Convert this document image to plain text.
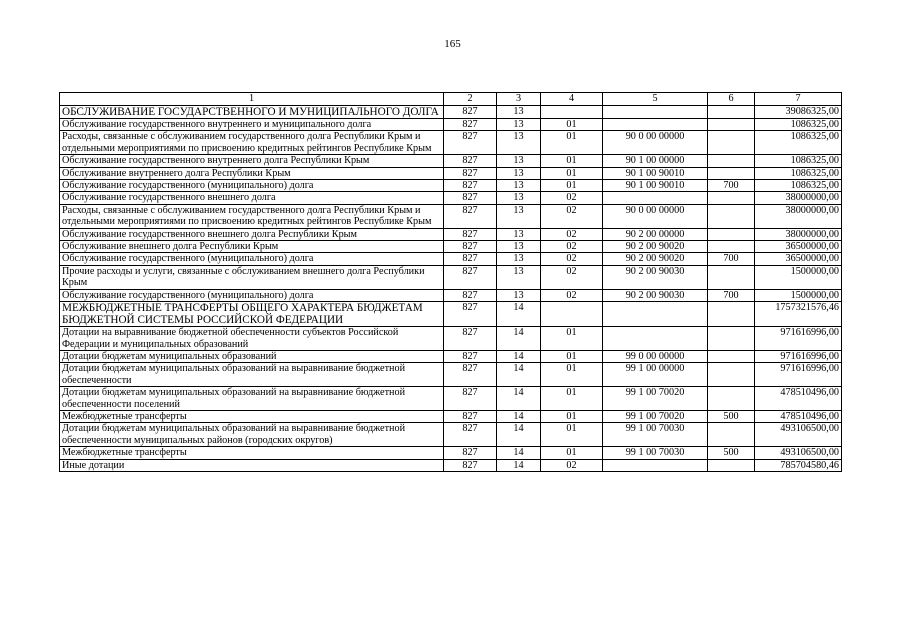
165
1	2	3	4	5	6	7
ОБСЛУЖИВАНИЕ ГОСУДАРСТВЕННОГО И МУНИЦИПАЛЬНОГО ДОЛГА	827	13				39086325,00
Обслуживание государственного внутреннего и муниципального долга	827	13	01			1086325,00
Расходы, связанные с обслуживанием государственного долга Республики Крым и отдельными мероприятиями по присвоению кредитных рейтингов Республике Крым	827	13	01	90 0 00 00000		1086325,00
Обслуживание государственного внутреннего долга Республики Крым	827	13	01	90 1 00 00000		1086325,00
Обслуживание внутреннего долга Республики Крым	827	13	01	90 1 00 90010		1086325,00
Обслуживание государственного (муниципального) долга	827	13	01	90 1 00 90010	700	1086325,00
Обслуживание государственного внешнего долга	827	13	02			38000000,00
Расходы, связанные с обслуживанием государственного долга Республики Крым и отдельными мероприятиями по присвоению кредитных рейтингов Республике Крым	827	13	02	90 0 00 00000		38000000,00
Обслуживание государственного внешнего долга Республики Крым	827	13	02	90 2 00 00000		38000000,00
Обслуживание внешнего долга Республики Крым	827	13	02	90 2 00 90020		36500000,00
Обслуживание государственного (муниципального) долга	827	13	02	90 2 00 90020	700	36500000,00
Прочие расходы и услуги, связанные с обслуживанием внешнего долга Республики Крым	827	13	02	90 2 00 90030		1500000,00
Обслуживание государственного (муниципального) долга	827	13	02	90 2 00 90030	700	1500000,00
МЕЖБЮДЖЕТНЫЕ ТРАНСФЕРТЫ ОБЩЕГО ХАРАКТЕРА БЮДЖЕТАМ БЮДЖЕТНОЙ СИСТЕМЫ РОССИЙСКОЙ ФЕДЕРАЦИИ	827	14				1757321576,46
Дотации на выравнивание бюджетной обеспеченности субъектов Российской Федерации и муниципальных образований	827	14	01			971616996,00
Дотации бюджетам муниципальных образований	827	14	01	99 0 00 00000		971616996,00
Дотации бюджетам муниципальных образований на выравнивание бюджетной обеспеченности	827	14	01	99 1 00 00000		971616996,00
Дотации бюджетам муниципальных образований на выравнивание бюджетной обеспеченности поселений	827	14	01	99 1 00 70020		478510496,00
Межбюджетные трансферты	827	14	01	99 1 00 70020	500	478510496,00
Дотации бюджетам муниципальных образований на выравнивание бюджетной обеспеченности муниципальных районов (городских округов)	827	14	01	99 1 00 70030		493106500,00
Межбюджетные трансферты	827	14	01	99 1 00 70030	500	493106500,00
Иные дотации	827	14	02			785704580,46
